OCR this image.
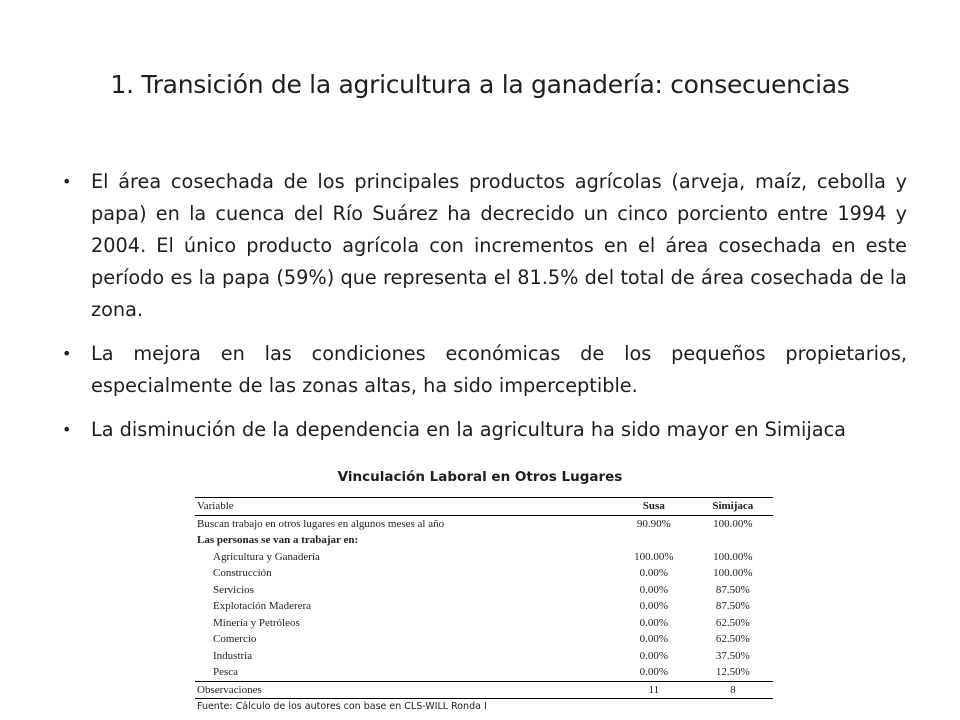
1. Transición de la agricultura a la ganadería: consecuencias
• El área cosechada de los principales productos agrícolas (arveja, maíz, cebolla y papa) en la cuenca del Río Suárez ha decrecido un cinco porciento entre 1994 y 2004. El único producto agrícola con incrementos en el área cosechada en este período es la papa (59%) que representa el 81.5% del total de área cosechada de la zona.
• La mejora en las condiciones económicas de los pequeños propietarios, especialmente de las zonas altas, ha sido imperceptible.
• La disminución de la dependencia en la agricultura ha sido mayor en Simijaca
Vinculación Laboral en Otros Lugares
Variable	Susa	Simijaca
Buscan trabajo en otros lugares en algunos meses al año	90.90%	100.00%
Las personas se van a trabajar en:		
Agricultura y Ganadería	100.00%	100.00%
Construcción	0.00%	100.00%
Servicios	0.00%	87.50%
Explotación Maderera	0.00%	87.50%
Minería y Petróleos	0.00%	62.50%
Comercio	0.00%	62.50%
Industria	0.00%	37.50%
Pesca	0.00%	12.50%
Observaciones	11	8
Fuente: Cálculo de los autores con base en CLS-WILL Ronda I
